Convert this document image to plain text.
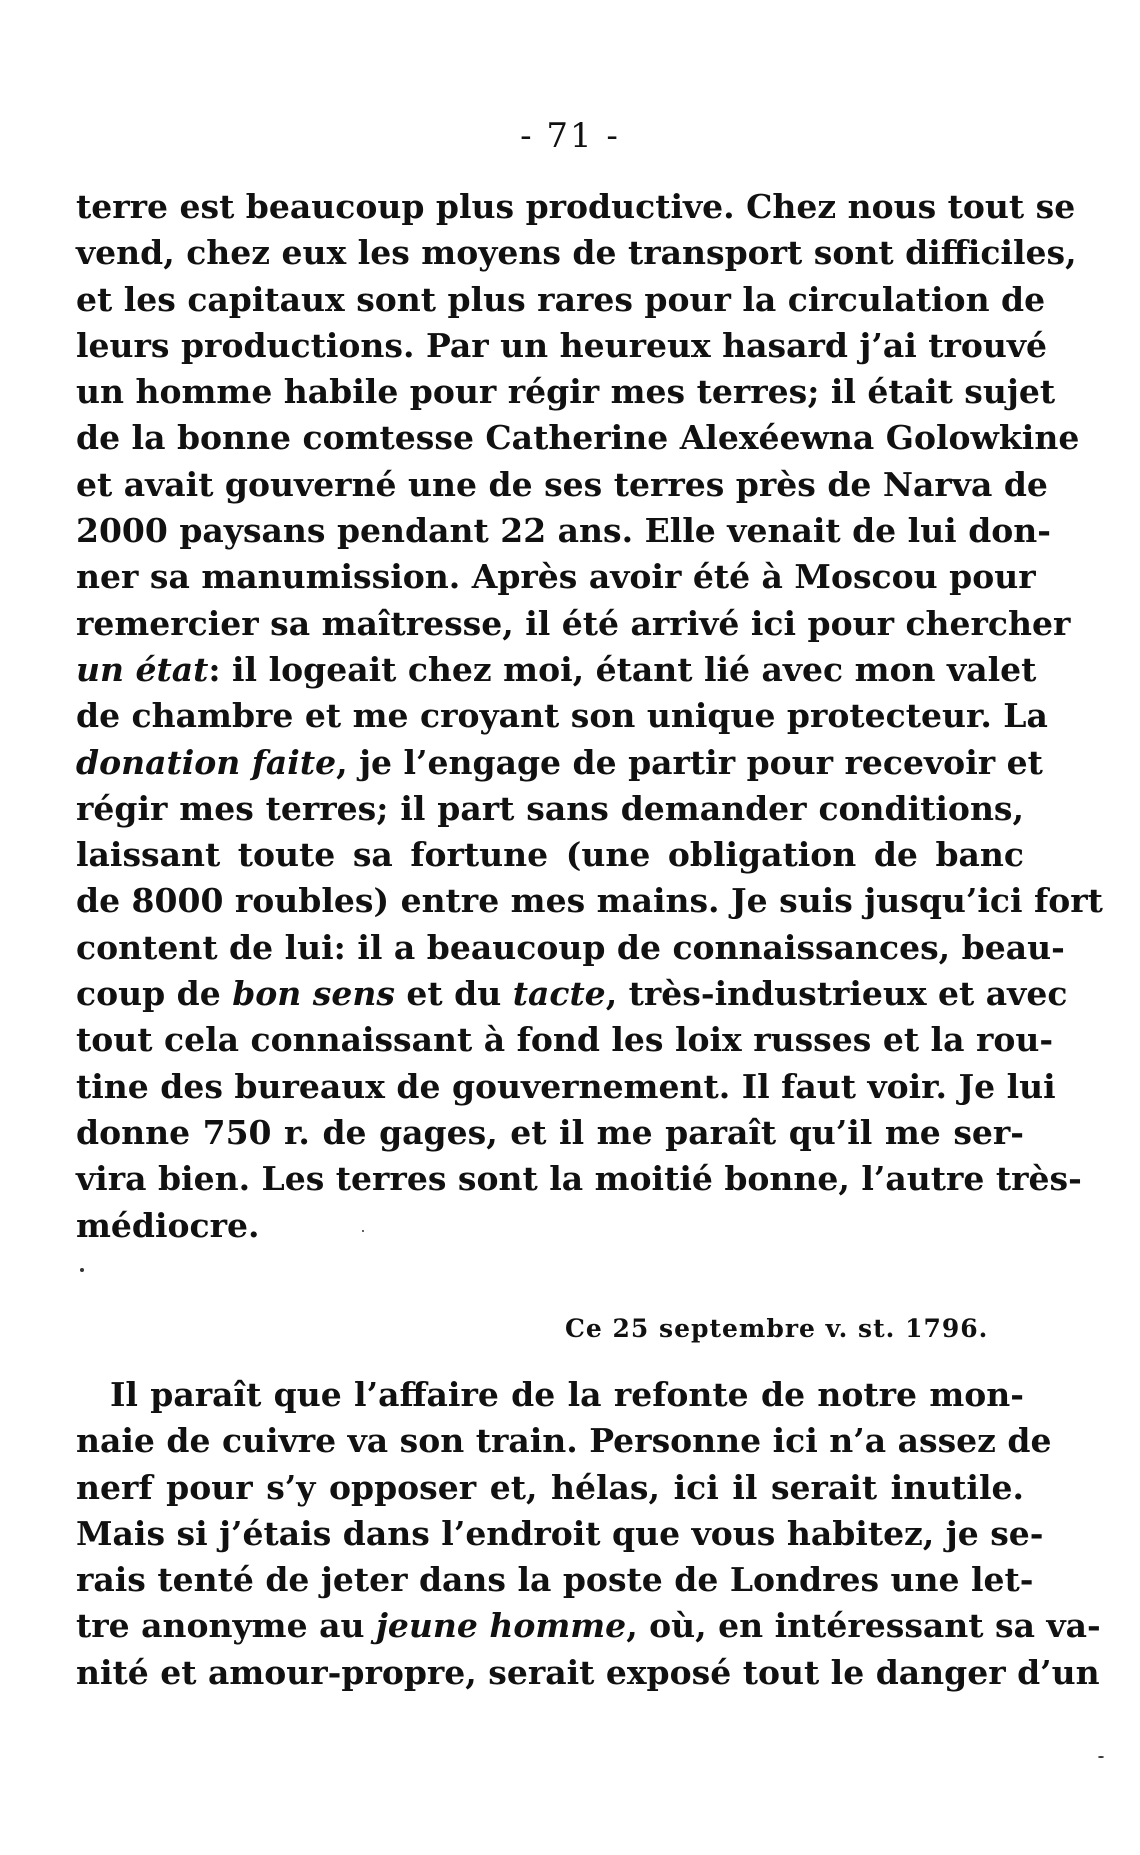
- 71 -
terre est beaucoup plus productive. Chez nous tout se
vend, chez eux les moyens de transport sont difficiles,
et les capitaux sont plus rares pour la circulation de
leurs productions. Par un heureux hasard j’ai trouvé
un homme habile pour régir mes terres; il était sujet
de la bonne comtesse Catherine Alexéewna Golowkine
et avait gouverné une de ses terres près de Narva de
2000 paysans pendant 22 ans. Elle venait de lui don-
ner sa manumission. Après avoir été à Moscou pour
remercier sa maîtresse, il été arrivé ici pour chercher
un état: il logeait chez moi, étant lié avec mon valet
de chambre et me croyant son unique protecteur. La
donation faite, je l’engage de partir pour recevoir et
régir mes terres; il part sans demander conditions,
laissant toute sa fortune (une obligation de banc
de 8000 roubles) entre mes mains. Je suis jusqu’ici fort
content de lui: il a beaucoup de connaissances, beau-
coup de bon sens et du tacte, très-industrieux et avec
tout cela connaissant à fond les loix russes et la rou-
tine des bureaux de gouvernement. Il faut voir. Je lui
donne 750 r. de gages, et il me paraît qu’il me ser-
vira bien. Les terres sont la moitié bonne, l’autre très-
médiocre.
Ce 25 septembre v. st. 1796.
Il paraît que l’affaire de la refonte de notre mon-
naie de cuivre va son train. Personne ici n’a assez de
nerf pour s’y opposer et, hélas, ici il serait inutile.
Mais si j’étais dans l’endroit que vous habitez, je se-
rais tenté de jeter dans la poste de Londres une let-
tre anonyme au jeune homme, où, en intéressant sa va-
nité et amour-propre, serait exposé tout le danger d’un
